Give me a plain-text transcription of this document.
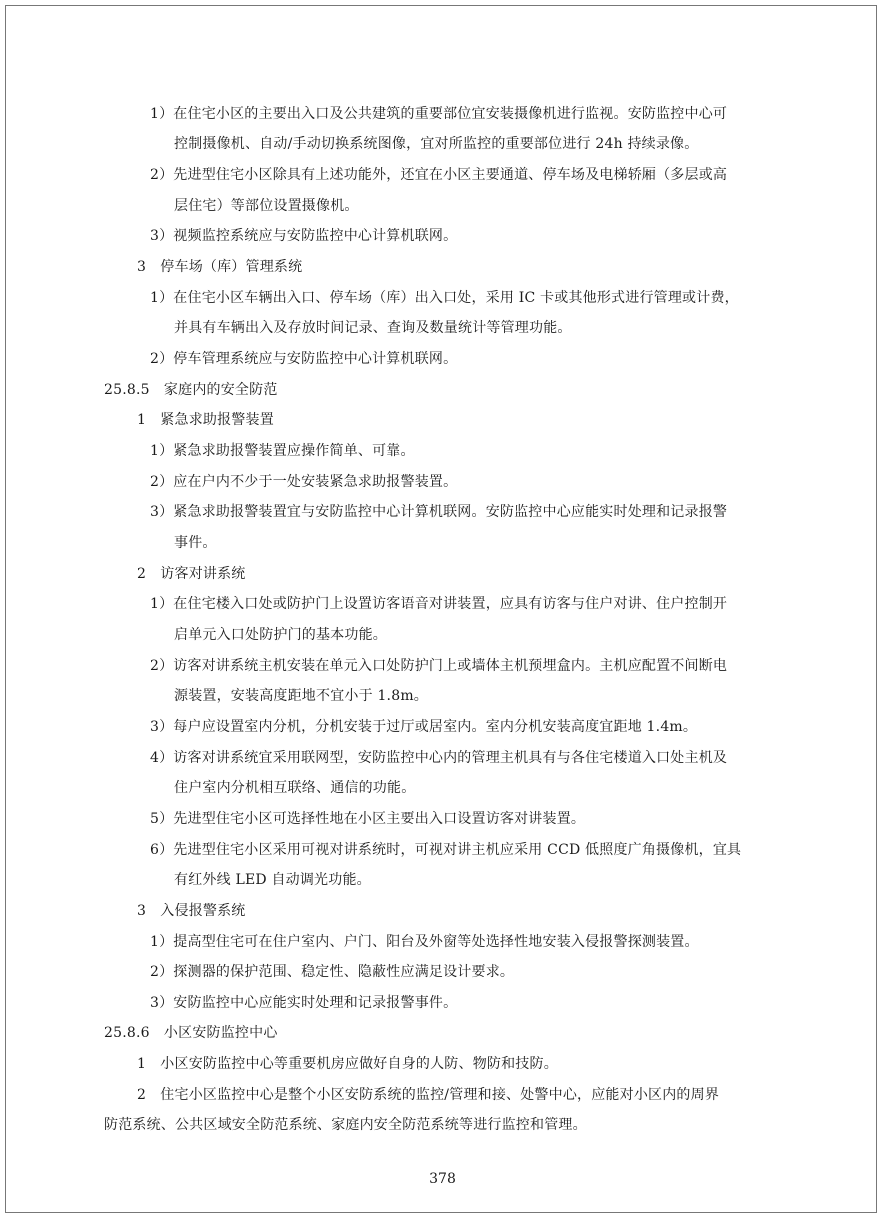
1）在住宅小区的主要出入口及公共建筑的重要部位宜安装摄像机进行监视。安防监控中心可
控制摄像机、自动/手动切换系统图像，宜对所监控的重要部位进行 24h 持续录像。
2）先进型住宅小区除具有上述功能外，还宜在小区主要通道、停车场及电梯轿厢（多层或高
层住宅）等部位设置摄像机。
3）视频监控系统应与安防监控中心计算机联网。
3　停车场（库）管理系统
1）在住宅小区车辆出入口、停车场（库）出入口处，采用 IC 卡或其他形式进行管理或计费，
并具有车辆出入及存放时间记录、查询及数量统计等管理功能。
2）停车管理系统应与安防监控中心计算机联网。
25.8.5　家庭内的安全防范
1　紧急求助报警装置
1）紧急求助报警装置应操作简单、可靠。
2）应在户内不少于一处安装紧急求助报警装置。
3）紧急求助报警装置宜与安防监控中心计算机联网。安防监控中心应能实时处理和记录报警
事件。
2　访客对讲系统
1）在住宅楼入口处或防护门上设置访客语音对讲装置，应具有访客与住户对讲、住户控制开
启单元入口处防护门的基本功能。
2）访客对讲系统主机安装在单元入口处防护门上或墙体主机预埋盒内。主机应配置不间断电
源装置，安装高度距地不宜小于 1.8m。
3）每户应设置室内分机，分机安装于过厅或居室内。室内分机安装高度宜距地 1.4m。
4）访客对讲系统宜采用联网型，安防监控中心内的管理主机具有与各住宅楼道入口处主机及
住户室内分机相互联络、通信的功能。
5）先进型住宅小区可选择性地在小区主要出入口设置访客对讲装置。
6）先进型住宅小区采用可视对讲系统时，可视对讲主机应采用 CCD 低照度广角摄像机，宜具
有红外线 LED 自动调光功能。
3　入侵报警系统
1）提高型住宅可在住户室内、户门、阳台及外窗等处选择性地安装入侵报警探测装置。
2）探测器的保护范围、稳定性、隐蔽性应满足设计要求。
3）安防监控中心应能实时处理和记录报警事件。
25.8.6　小区安防监控中心
1　小区安防监控中心等重要机房应做好自身的人防、物防和技防。
2　住宅小区监控中心是整个小区安防系统的监控/管理和接、处警中心，应能对小区内的周界
防范系统、公共区域安全防范系统、家庭内安全防范系统等进行监控和管理。
378
